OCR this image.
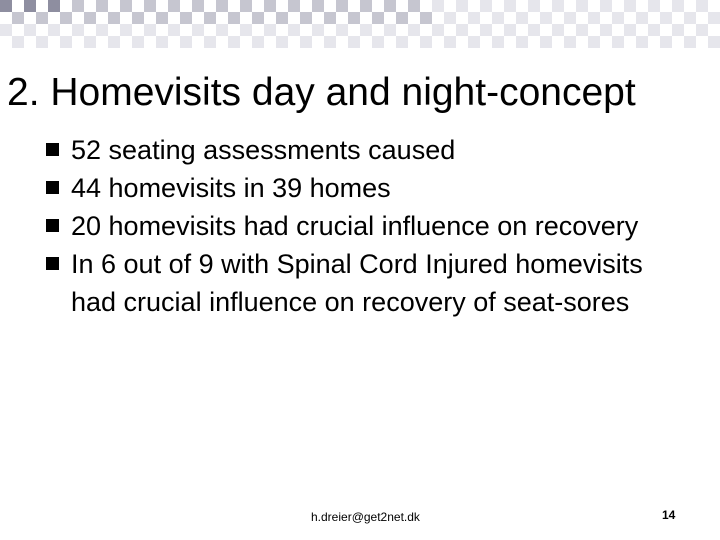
2. Homevisits day and night-concept
52 seating assessments caused
44 homevisits in 39 homes
20 homevisits had crucial influence on recovery
In 6 out of 9 with Spinal Cord Injured homevisits had crucial influence on recovery of seat-sores
h.dreier@get2net.dk	14
